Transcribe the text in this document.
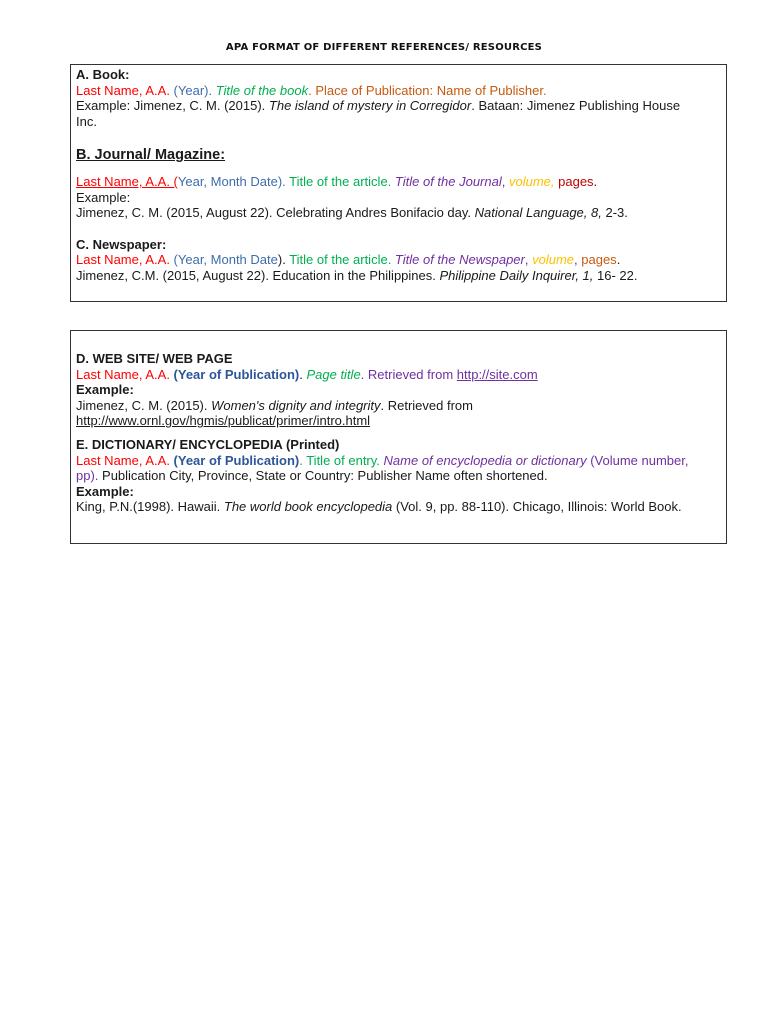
APA FORMAT OF DIFFERENT REFERENCES/ RESOURCES
A. Book:
Last Name, A.A. (Year). Title of the book. Place of Publication: Name of Publisher.
Example: Jimenez, C. M. (2015). The island of mystery in Corregidor. Bataan: Jimenez Publishing House
Inc.
B. Journal/ Magazine:
Last Name, A.A. (Year, Month Date). Title of the article. Title of the Journal, volume, pages.
Example:
Jimenez, C. M. (2015, August 22). Celebrating Andres Bonifacio day. National Language, 8, 2-3.
C. Newspaper:
Last Name, A.A. (Year, Month Date). Title of the article. Title of the Newspaper, volume, pages.
Jimenez, C.M. (2015, August 22). Education in the Philippines. Philippine Daily Inquirer, 1, 16- 22.
D. WEB SITE/ WEB PAGE
Last Name, A.A. (Year of Publication). Page title. Retrieved from http://site.com
Example:
Jimenez, C. M. (2015). Women's dignity and integrity. Retrieved from
http://www.ornl.gov/hgmis/publicat/primer/intro.html
E. DICTIONARY/ ENCYCLOPEDIA (Printed)
Last Name, A.A. (Year of Publication). Title of entry. Name of encyclopedia or dictionary (Volume number,
pp). Publication City, Province, State or Country: Publisher Name often shortened.
Example:
King, P.N.(1998). Hawaii. The world book encyclopedia (Vol. 9, pp. 88-110). Chicago, Illinois: World Book.
